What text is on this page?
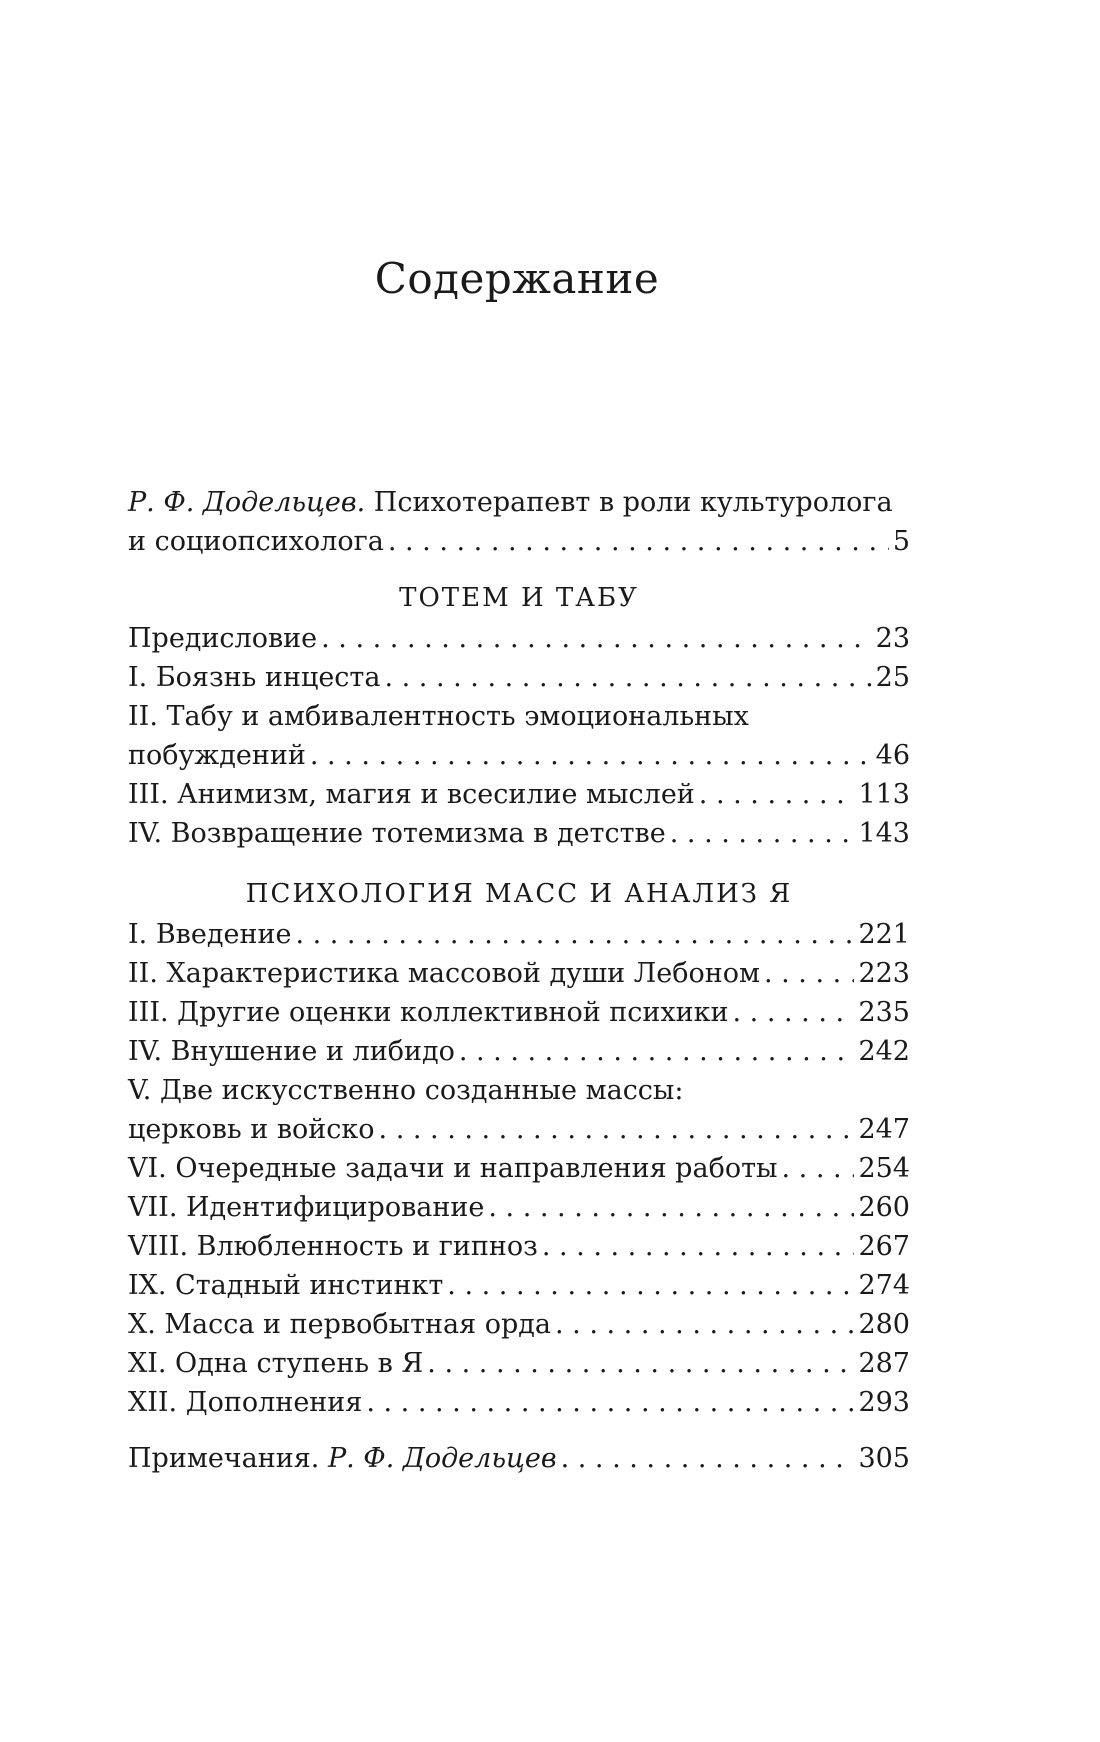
Содержание
Р. Ф. Додельцев. Психотерапевт в роли культуролога
и социопсихолога . . .	5
ТОТЕМ И ТАБУ
Предисловие . . .	23
I. Боязнь инцеста . . .	25
II. Табу и амбивалентность эмоциональных
побуждений . . .	46
III. Анимизм, магия и всесилие мыслей . . .	113
IV. Возвращение тотемизма в детстве . . .	143
ПСИХОЛОГИЯ МАСС И АНАЛИЗ Я
I. Введение . . .	221
II. Характеристика массовой души Лебоном . . .	223
III. Другие оценки коллективной психики . . .	235
IV. Внушение и либидо . . .	242
V. Две искусственно созданные массы:
церковь и войско . . .	247
VI. Очередные задачи и направления работы . . .	254
VII. Идентифицирование . . .	260
VIII. Влюбленность и гипноз . . .	267
IX. Стадный инстинкт . . .	274
X. Масса и первобытная орда . . .	280
XI. Одна ступень в Я . . .	287
XII. Дополнения . . .	293
Примечания. Р. Ф. Додельцев . . .	305
